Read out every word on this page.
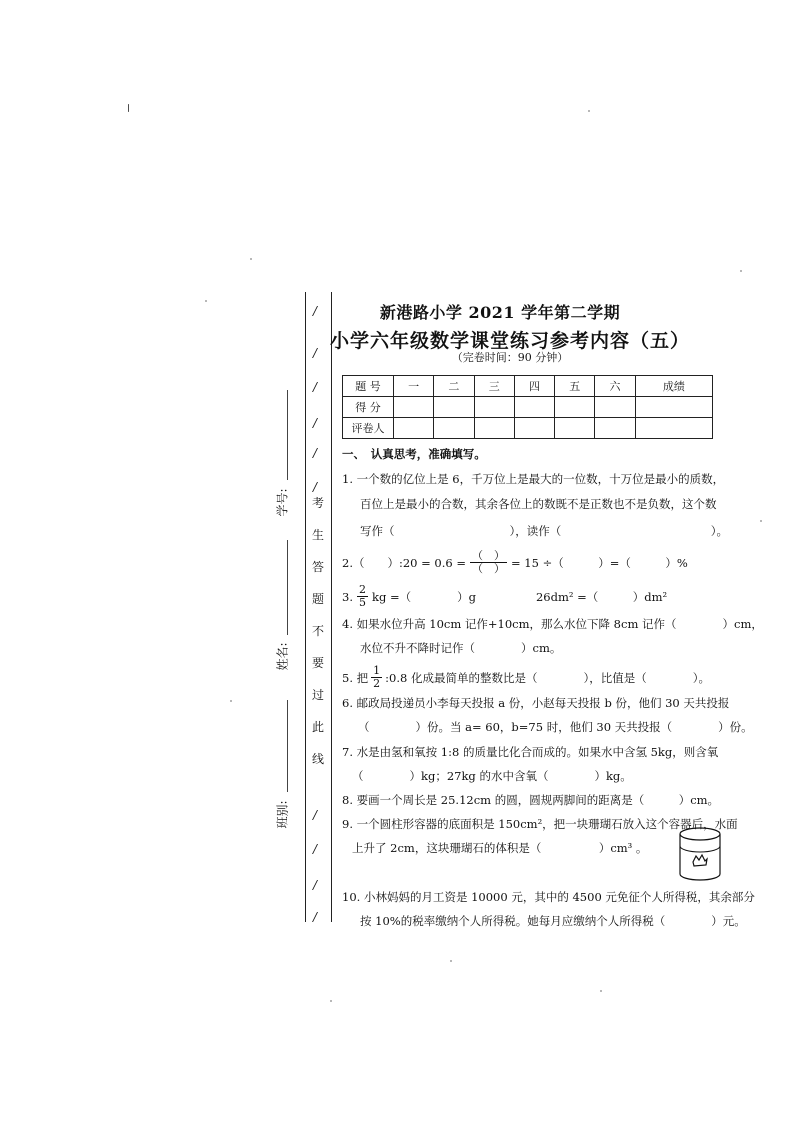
/
/
/
/
/
/
/
/
/
/
考
生
答
题
不
要
过
此
线
学号:
姓名:
班别:
新港路小学 2021 学年第二学期
小学六年级数学课堂练习参考内容（五）
（完卷时间：90 分钟）
题 号	一	二	三	四	五	六	成绩
得 分							
评卷人							
一、　认真思考，准确填写。
1. 一个数的亿位上是 6，千万位上是最大的一位数，十万位是最小的质数，
百位上是最小的合数，其余各位上的数既不是正数也不是负数，这个数
写作（　　　　　　　　　　），读作（　　　　　　　　　　　　　）。
2.（　　）:20 = $0.6 = \frac{( )}{( )} = 15$ ÷（　　　）=（　　　）%
3. $\frac{2}{5}$ kg =（　　　　）g	26dm² =（　　　）dm²
4. 如果水位升高 10cm 记作+10cm，那么水位下降 8cm 记作（　　　　）cm，
水位不升不降时记作（　　　　）cm。
5. 把 $\frac{1}{2}$ :0.8 化成最简单的整数比是（　　　　），比值是（　　　　）。
6. 邮政局投递员小李每天投报 a 份，小赵每天投报 b 份，他们 30 天共投报
（　　　　）份。当 a= 60，b=75 时，他们 30 天共投报（　　　　）份。
7. 水是由氢和氧按 1:8 的质量比化合而成的。如果水中含氢 5kg，则含氧
（　　　　）kg；27kg 的水中含氧（　　　　）kg。
8. 要画一个周长是 25.12cm 的圆，圆规两脚间的距离是（　　　）cm。
9. 一个圆柱形容器的底面积是 150cm²，把一块珊瑚石放入这个容器后，水面
上升了 2cm，这块珊瑚石的体积是（　　　　　）cm³ 。
10. 小林妈妈的月工资是 10000 元，其中的 4500 元免征个人所得税，其余部分
按 10%的税率缴纳个人所得税。她每月应缴纳个人所得税（　　　　）元。
